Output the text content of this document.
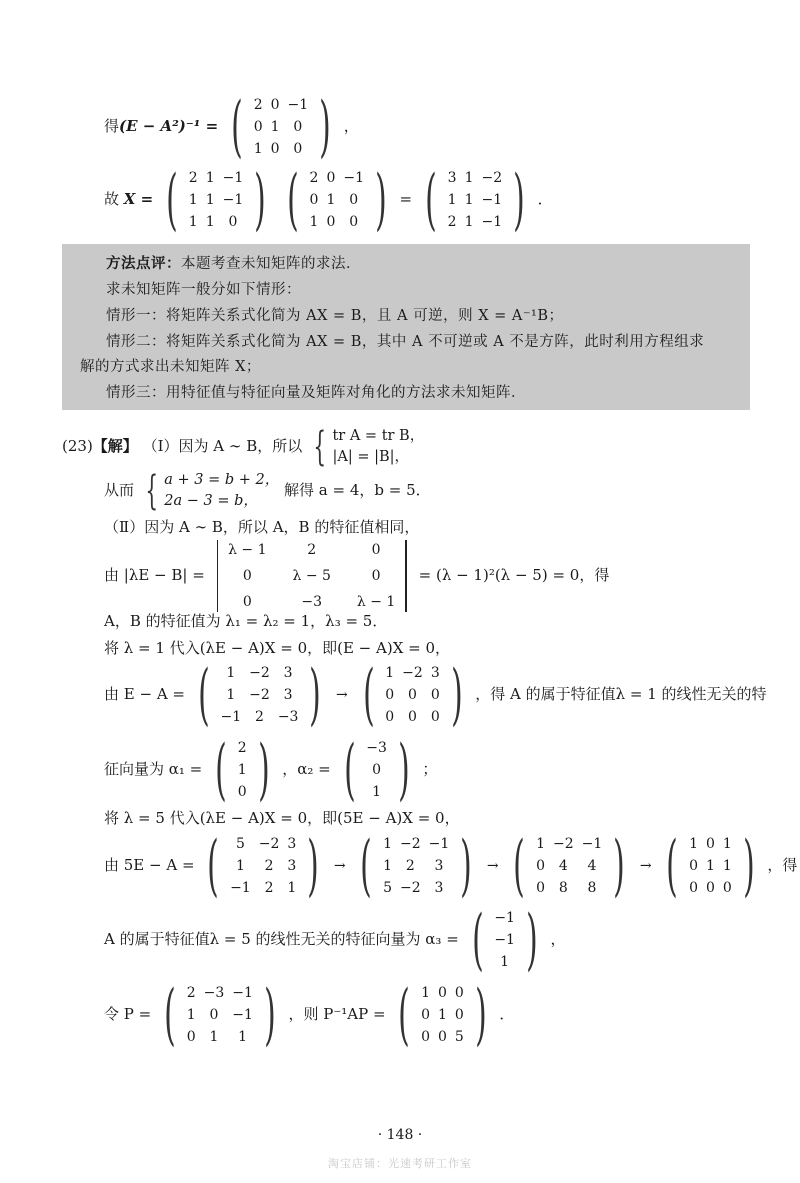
得(E − A²)⁻¹ = ( 2 0 −1
0 1 0
1 0 0 ) ，
故 X = ( 2 1 −1
1 1 −1
1 1 0 )
( 2 0 −1
0 1 0
1 0 0 ) = ( 3 1 −2
1 1 −1
2 1 −1 ) ．
方法点评：本题考查未知矩阵的求法．
求未知矩阵一般分如下情形：
情形一：将矩阵关系式化简为 AX = B，且 A 可逆，则 X = A⁻¹B；
情形二：将矩阵关系式化简为 AX = B，其中 A 不可逆或 A 不是方阵，此时利用方程组求
解的方式求出未知矩阵 X；
情形三：用特征值与特征向量及矩阵对角化的方法求未知矩阵．
(23)【解】 （Ⅰ）因为 A ∼ B，所以 { tr A = tr B，
|A| = |B|，
从而 { a + 3 = b + 2，
2a − 3 = b，
解得 a = 4，b = 5．
（Ⅱ）因为 A ∼ B，所以 A，B 的特征值相同，
由 |λE − B| =
λ − 1	2	0
0	λ − 5	0
0	−3	λ − 1
= (λ − 1)²(λ − 5) = 0，得
A，B 的特征值为 λ₁ = λ₂ = 1，λ₃ = 5．
将 λ = 1 代入(λE − A)X = 0，即(E − A)X = 0，
由 E − A = (	1 −2 3
1 −2 3
−1 2 −3 ) → ( 1 −2 3
0 0 0
0 0 0 ) ，得 A 的属于特征值λ = 1 的线性无关的特
征向量为 α₁ = ( 2
1
0 ) ，α₂ = ( −3
0
1 ) ；
将 λ = 5 代入(λE − A)X = 0，即(5E − A)X = 0，
由 5E − A = (	5 −2 3
1	2 3
−1 2 1 ) → ( 1 −2 −1
1 2	3
5 −2 3 ) → ( 1 −2 −1
0 4	4
0 8	8 ) → ( 1 0 1
0 1 1
0 0 0 ) ，得
A 的属于特征值λ = 5 的线性无关的特征向量为 α₃ = ( −1
−1
1 ) ，
令 P = ( 2 −3 −1
1 0 −1
0 1	1 ) ，则 P⁻¹AP = ( 1 0 0
0 1 0
0 0 5 ) ．
· 148 ·
淘宝店铺：光速考研工作室
